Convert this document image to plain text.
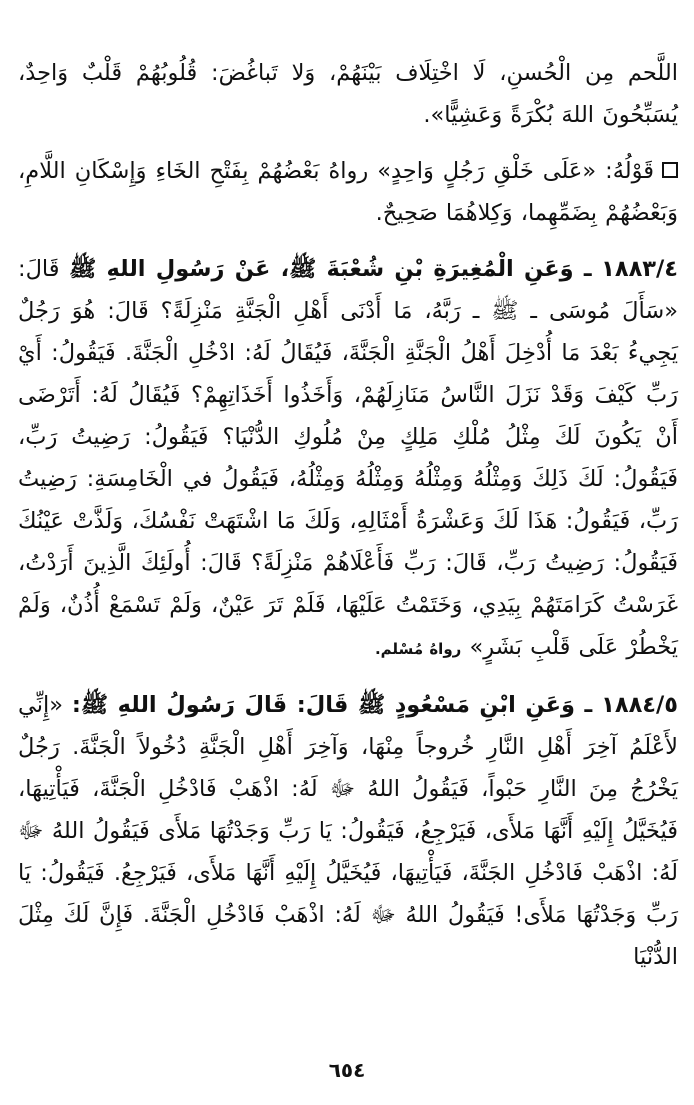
اللَّحم مِن الْحُسنِ، لَا اخْتِلَاف بَيْنَهُمْ، وَلا تَباغُضَ: قُلُوبُهُمْ قَلْبٌ وَاحِدٌ، يُسَبِّحُونَ اللهَ بُكْرَةً وَعَشِيًّا».

قَوْلُهُ: «عَلَى خَلْقِ رَجُلٍ وَاحِدٍ» رواهُ بَعْضُهُمْ بِفَتْحِ الخَاءِ وَإِسْكَانِ اللَّامِ، وَبَعْضُهُمْ بِضَمِّهِما، وَكِلاهُمَا صَحِيحٌ.

١٨٨٣/٤ ـ وَعَنِ الْمُغِيرَةِ بْنِ شُعْبَةَ ﷺ، عَنْ رَسُولِ اللهِ ﷺ قَالَ: «سَأَلَ مُوسَى ـ ﷺ ـ رَبَّهُ، مَا أَدْنَى أَهْلِ الْجَنَّةِ مَنْزِلَةً؟ قَالَ: هُوَ رَجُلٌ يَجِيءُ بَعْدَ مَا أُدْخِلَ أَهْلُ الْجَنَّةِ الْجَنَّةَ، فَيُقَالُ لَهُ: ادْخُلِ الْجَنَّةَ. فَيَقُولُ: أَيْ رَبِّ كَيْفَ وَقَدْ نَزَلَ النَّاسُ مَنَازِلَهُمْ، وَأَخَذُوا أَخَذَاتِهِمْ؟ فَيُقَالُ لَهُ: أَتَرْضَى أَنْ يَكُونَ لَكَ مِثْلُ مُلْكِ مَلِكٍ مِنْ مُلُوكِ الدُّنْيَا؟ فَيَقُولُ: رَضِيتُ رَبِّ، فَيَقُولُ: لَكَ ذَلِكَ وَمِثْلُهُ وَمِثْلُهُ وَمِثْلُهُ وَمِثْلُهُ، فَيَقُولُ في الْخَامِسَةِ: رَضِيتُ رَبِّ، فَيَقُولُ: هَذَا لَكَ وَعَشْرَةُ أَمْثَالِهِ، وَلَكَ مَا اشْتَهَتْ نَفْسُكَ، وَلَذَّتْ عَيْنُكَ فَيَقُولُ: رَضِيتُ رَبِّ، قَالَ: رَبِّ فَأَعْلَاهُمْ مَنْزِلَةً؟ قَالَ: أُولَئِكَ الَّذِينَ أَرَدْتُ، غَرَسْتُ كَرَامَتَهُمْ بِيَدِي، وَخَتَمْتُ عَلَيْهَا، فَلَمْ تَرَ عَيْنٌ، وَلَمْ تَسْمَعْ أُذُنٌ، وَلَمْ يَخْطُرْ عَلَى قَلْبِ بَشَرٍ» رواهُ مُسْلم.

١٨٨٤/٥ ـ وَعَنِ ابْنِ مَسْعُودٍ ﷺ قَالَ: قَالَ رَسُولُ اللهِ ﷺ: «إِنِّي لأَعْلَمُ آخِرَ أَهْلِ النَّارِ خُروجاً مِنْهَا، وَآخِرَ أَهْلِ الْجَنَّةِ دُخُولاً الْجَنَّةَ. رَجُلٌ يَخْرُجُ مِنَ النَّارِ حَبْواً، فَيَقُولُ اللهُ ﷻ لَهُ: اذْهَبْ فَادْخُلِ الْجَنَّةَ، فَيَأْتِيهَا، فَيُخَيَّلُ إِلَيْهِ أَنَّهَا مَلأَى، فَيَرْجِعُ، فَيَقُولُ: يَا رَبِّ وَجَدْتُهَا مَلأَى فَيَقُولُ اللهُ ﷻ لَهُ: اذْهَبْ فَادْخُلِ الجَنَّةَ، فَيَأْتِيهَا، فَيُخَيَّلُ إِلَيْهِ أَنَّهَا مَلأَى، فَيَرْجِعُ. فَيَقُولُ: يَا رَبِّ وَجَدْتُهَا مَلأَى! فَيَقُولُ اللهُ ﷻ لَهُ: اذْهَبْ فَادْخُلِ الْجَنَّةَ. فَإِنَّ لَكَ مِثْلَ الدُّنْيَا

٦٥٤
